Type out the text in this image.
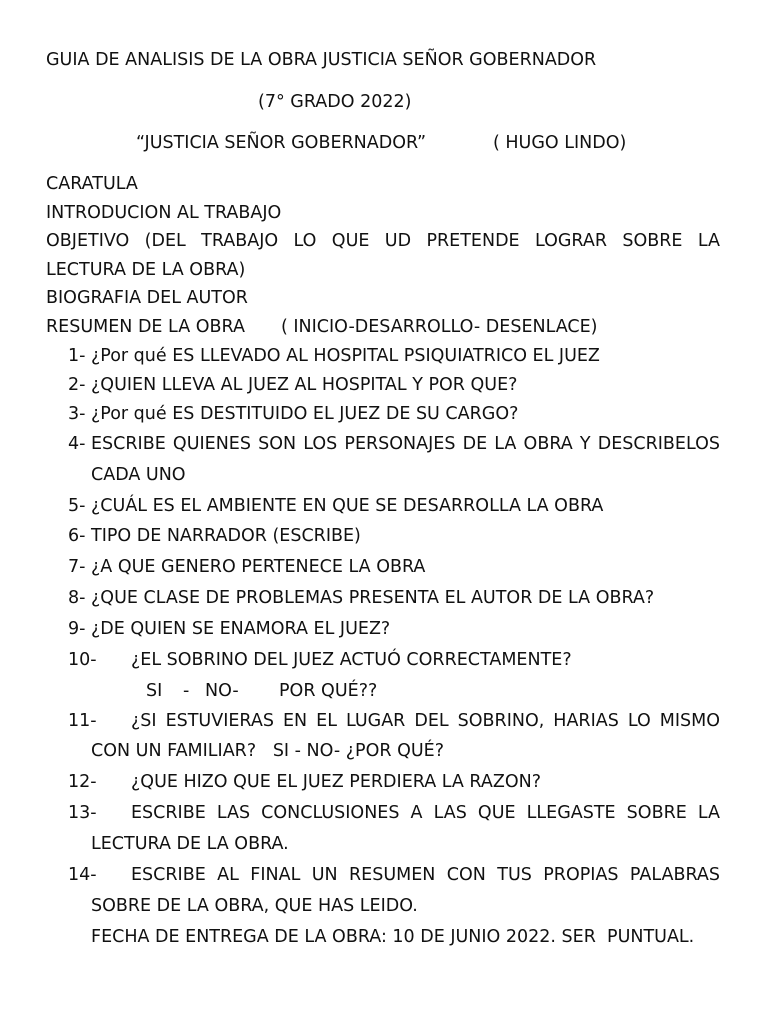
GUIA DE ANALISIS DE LA OBRA JUSTICIA SEÑOR GOBERNADOR
(7° GRADO 2022)
“JUSTICIA SEÑOR GOBERNADOR”	( HUGO LINDO)
CARATULA
INTRODUCION AL TRABAJO
OBJETIVO (DEL TRABAJO LO QUE UD PRETENDE LOGRAR SOBRE LA
LECTURA DE LA OBRA)
BIOGRAFIA DEL AUTOR
RESUMEN DE LA OBRA ( INICIO-DESARROLLO- DESENLACE)
1- ¿Por qué ES LLEVADO AL HOSPITAL PSIQUIATRICO EL JUEZ
2- ¿QUIEN LLEVA AL JUEZ AL HOSPITAL Y POR QUE?
3- ¿Por qué ES DESTITUIDO EL JUEZ DE SU CARGO?
4- ESCRIBE QUIENES SON LOS PERSONAJES DE LA OBRA Y DESCRIBELOS
CADA UNO
5- ¿CUÁL ES EL AMBIENTE EN QUE SE DESARROLLA LA OBRA
6- TIPO DE NARRADOR (ESCRIBE)
7- ¿A QUE GENERO PERTENECE LA OBRA
8- ¿QUE CLASE DE PROBLEMAS PRESENTA EL AUTOR DE LA OBRA?
9- ¿DE QUIEN SE ENAMORA EL JUEZ?
10- ¿EL SOBRINO DEL JUEZ ACTUÓ CORRECTAMENTE?
SI - NO- POR QUÉ??
11- ¿SI ESTUVIERAS EN EL LUGAR DEL SOBRINO, HARIAS LO MISMO
CON UN FAMILIAR?   SI - NO- ¿POR QUÉ?
12- ¿QUE HIZO QUE EL JUEZ PERDIERA LA RAZON?
13- ESCRIBE LAS CONCLUSIONES A LAS QUE LLEGASTE SOBRE LA
LECTURA DE LA OBRA.
14- ESCRIBE AL FINAL UN RESUMEN CON TUS PROPIAS PALABRAS
SOBRE DE LA OBRA, QUE HAS LEIDO.
FECHA DE ENTREGA DE LA OBRA: 10 DE JUNIO 2022. SER  PUNTUAL.
